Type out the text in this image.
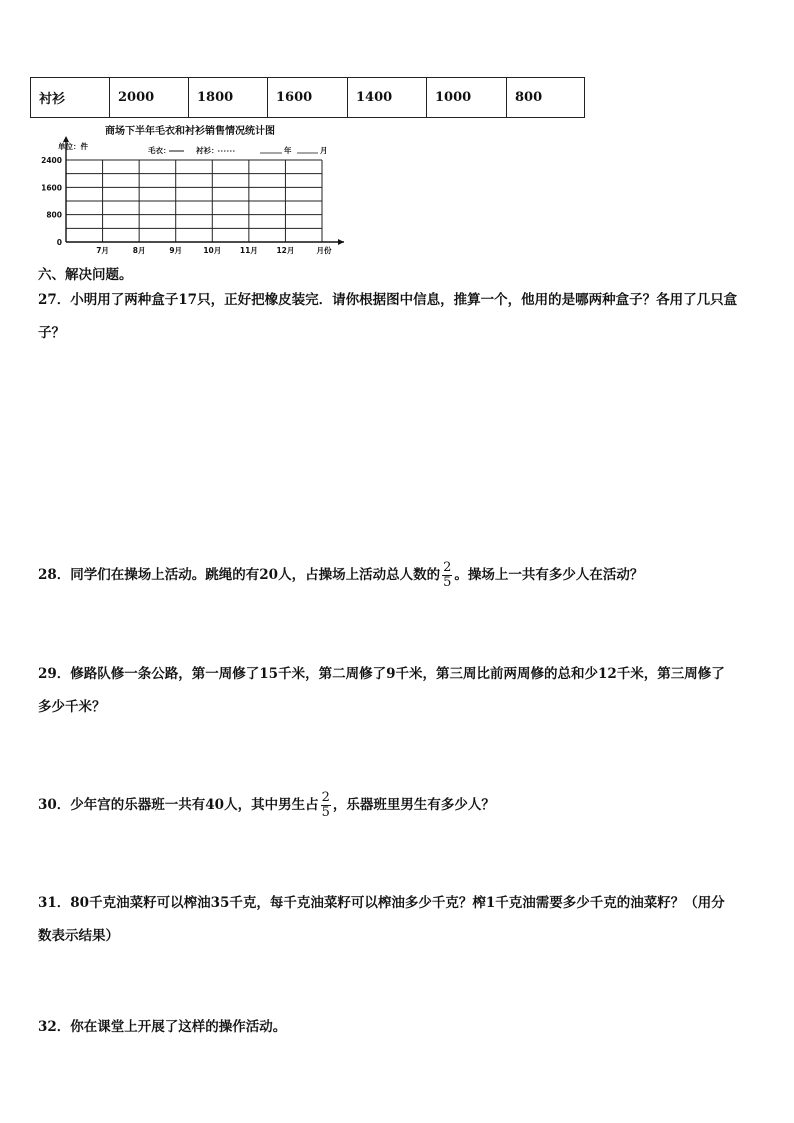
衬衫	2000	1800	1600	1400	1000	800
商场下半年毛衣和衬衫销售情况统计图
单位：件	毛衣：	衬衫：	年	月
2400
1600
800
0
7月	8月	9月	10月 11月 12月	月份
六、解决问题。
27．小明用了两种盒子17只，正好把橡皮装完．请你根据图中信息，推算一个，他用的是哪两种盒子？各用了几只盒
子？
28．同学们在操场上活动。跳绳的有20人，占操场上活动总人数的 $\frac{2}{5}$ 。操场上一共有多少人在活动？
29．修路队修一条公路，第一周修了15千米，第二周修了9千米，第三周比前两周修的总和少12千米，第三周修了
多少千米？
30．少年宫的乐器班一共有40人，其中男生占 $\frac{2}{5}$ ，乐器班里男生有多少人？
31．80千克油菜籽可以榨油35千克，每千克油菜籽可以榨油多少千克？榨1千克油需要多少千克的油菜籽？（用分
数表示结果）
32．你在课堂上开展了这样的操作活动。
